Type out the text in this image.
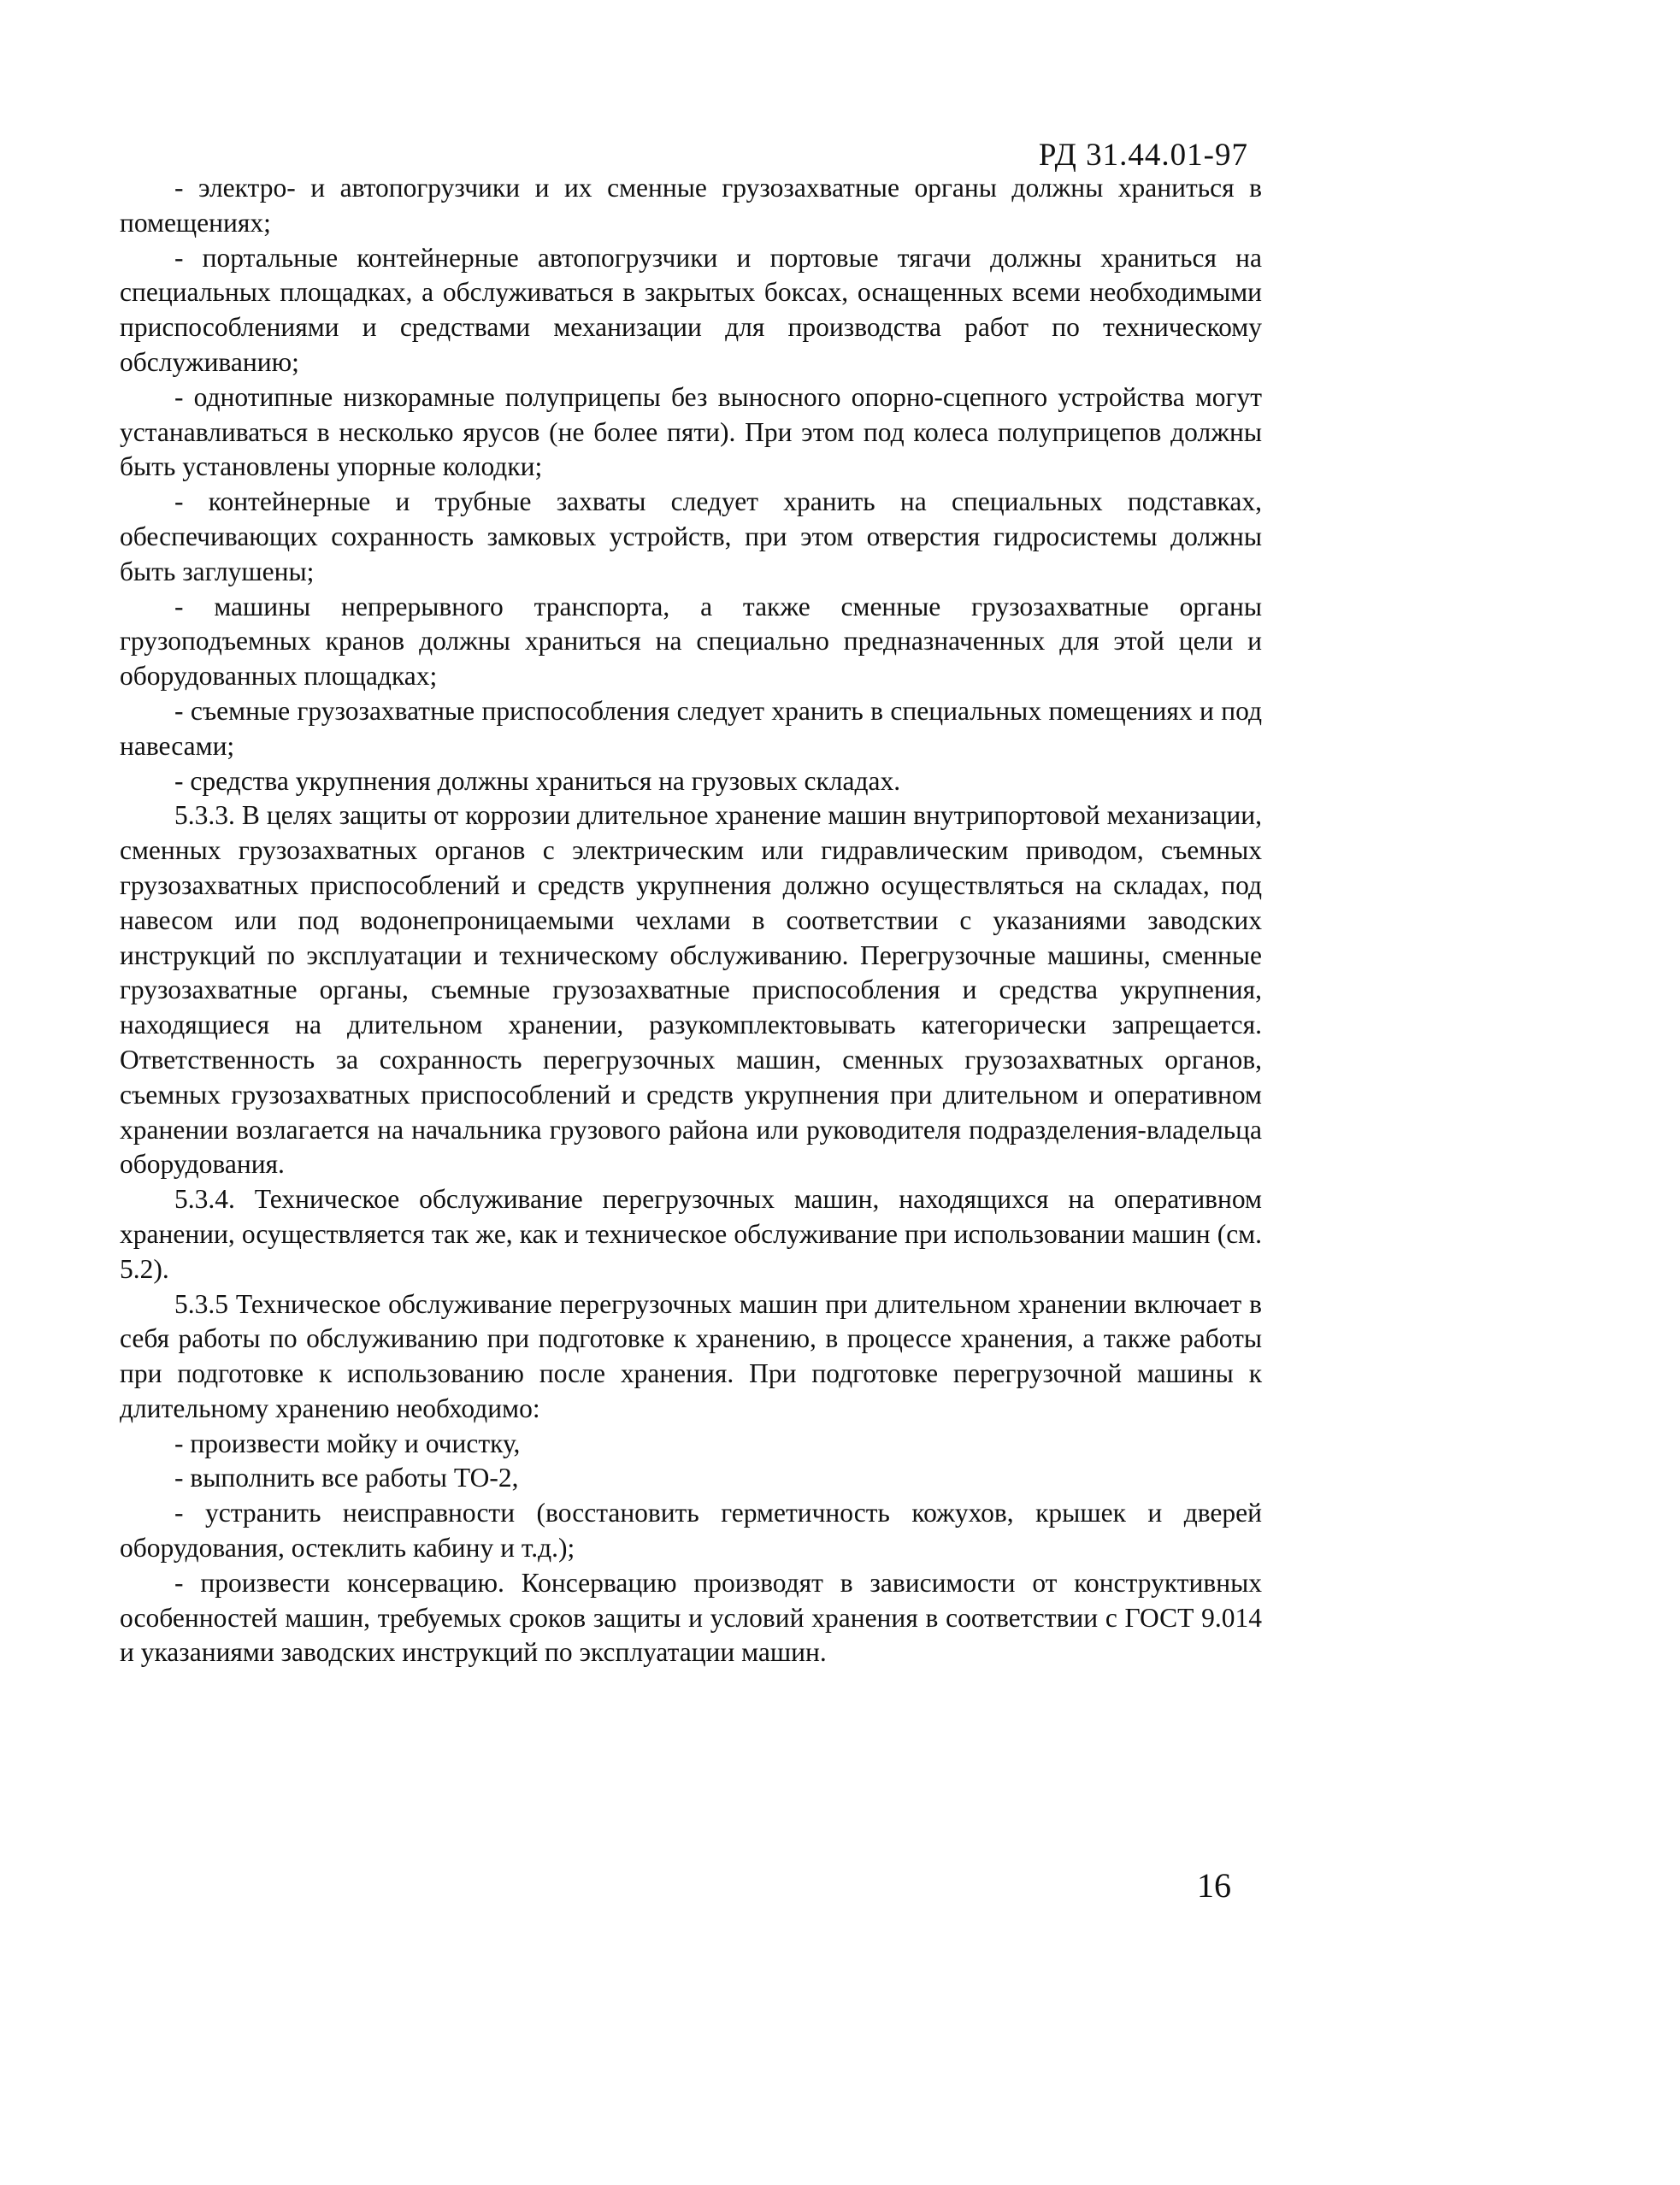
РД 31.44.01-97

- электро- и автопогрузчики и их сменные грузозахватные органы должны храниться в помещениях;

- портальные контейнерные автопогрузчики и портовые тягачи должны храниться на специальных площадках, а обслуживаться в закрытых боксах, оснащенных всеми необходимыми приспособлениями и средствами механизации для производства работ по техническому обслуживанию;

- однотипные низкорамные полуприцепы без выносного опорно-сцепного устройства могут устанавливаться в несколько ярусов (не более пяти). При этом под колеса полуприцепов должны быть установлены упорные колодки;

- контейнерные и трубные захваты следует хранить на специальных подставках, обеспечивающих сохранность замковых устройств, при этом отверстия гидросистемы должны быть заглушены;

- машины непрерывного транспорта, а также сменные грузозахватные органы грузоподъемных кранов должны храниться на специально предназначенных для этой цели и оборудованных площадках;

- съемные грузозахватные приспособления следует хранить в специальных помещениях и под навесами;

- средства укрупнения должны храниться на грузовых складах.

5.3.3. В целях защиты от коррозии длительное хранение машин внутрипортовой механизации, сменных грузозахватных органов с электрическим или гидравлическим приводом, съемных грузозахватных приспособлений и средств укрупнения должно осуществляться на складах, под навесом или под водонепроницаемыми чехлами в соответствии с указаниями заводских инструкций по эксплуатации и техническому обслуживанию. Перегрузочные машины, сменные грузозахватные органы, съемные грузозахватные приспособления и средства укрупнения, находящиеся на длительном хранении, разукомплектовывать категорически запрещается. Ответственность за сохранность перегрузочных машин, сменных грузозахватных органов, съемных грузозахватных приспособлений и средств укрупнения при длительном и оперативном хранении возлагается на начальника грузового района или руководителя подразделения-владельца оборудования.

5.3.4. Техническое обслуживание перегрузочных машин, находящихся на оперативном хранении, осуществляется так же, как и техническое обслуживание при использовании машин (см. 5.2).

5.3.5 Техническое обслуживание перегрузочных машин при длительном хранении включает в себя работы по обслуживанию при подготовке к хранению, в процессе хранения, а также работы при подготовке к использованию после хранения. При подготовке перегрузочной машины к длительному хранению необходимо:

- произвести мойку и очистку,

- выполнить все работы ТО-2,

- устранить неисправности (восстановить герметичность кожухов, крышек и дверей оборудования, остеклить кабину и т.д.);

- произвести консервацию. Консервацию производят в зависимости от конструктивных особенностей машин, требуемых сроков защиты и условий хранения в соответствии с ГОСТ 9.014 и указаниями заводских инструкций по эксплуатации машин.

16
